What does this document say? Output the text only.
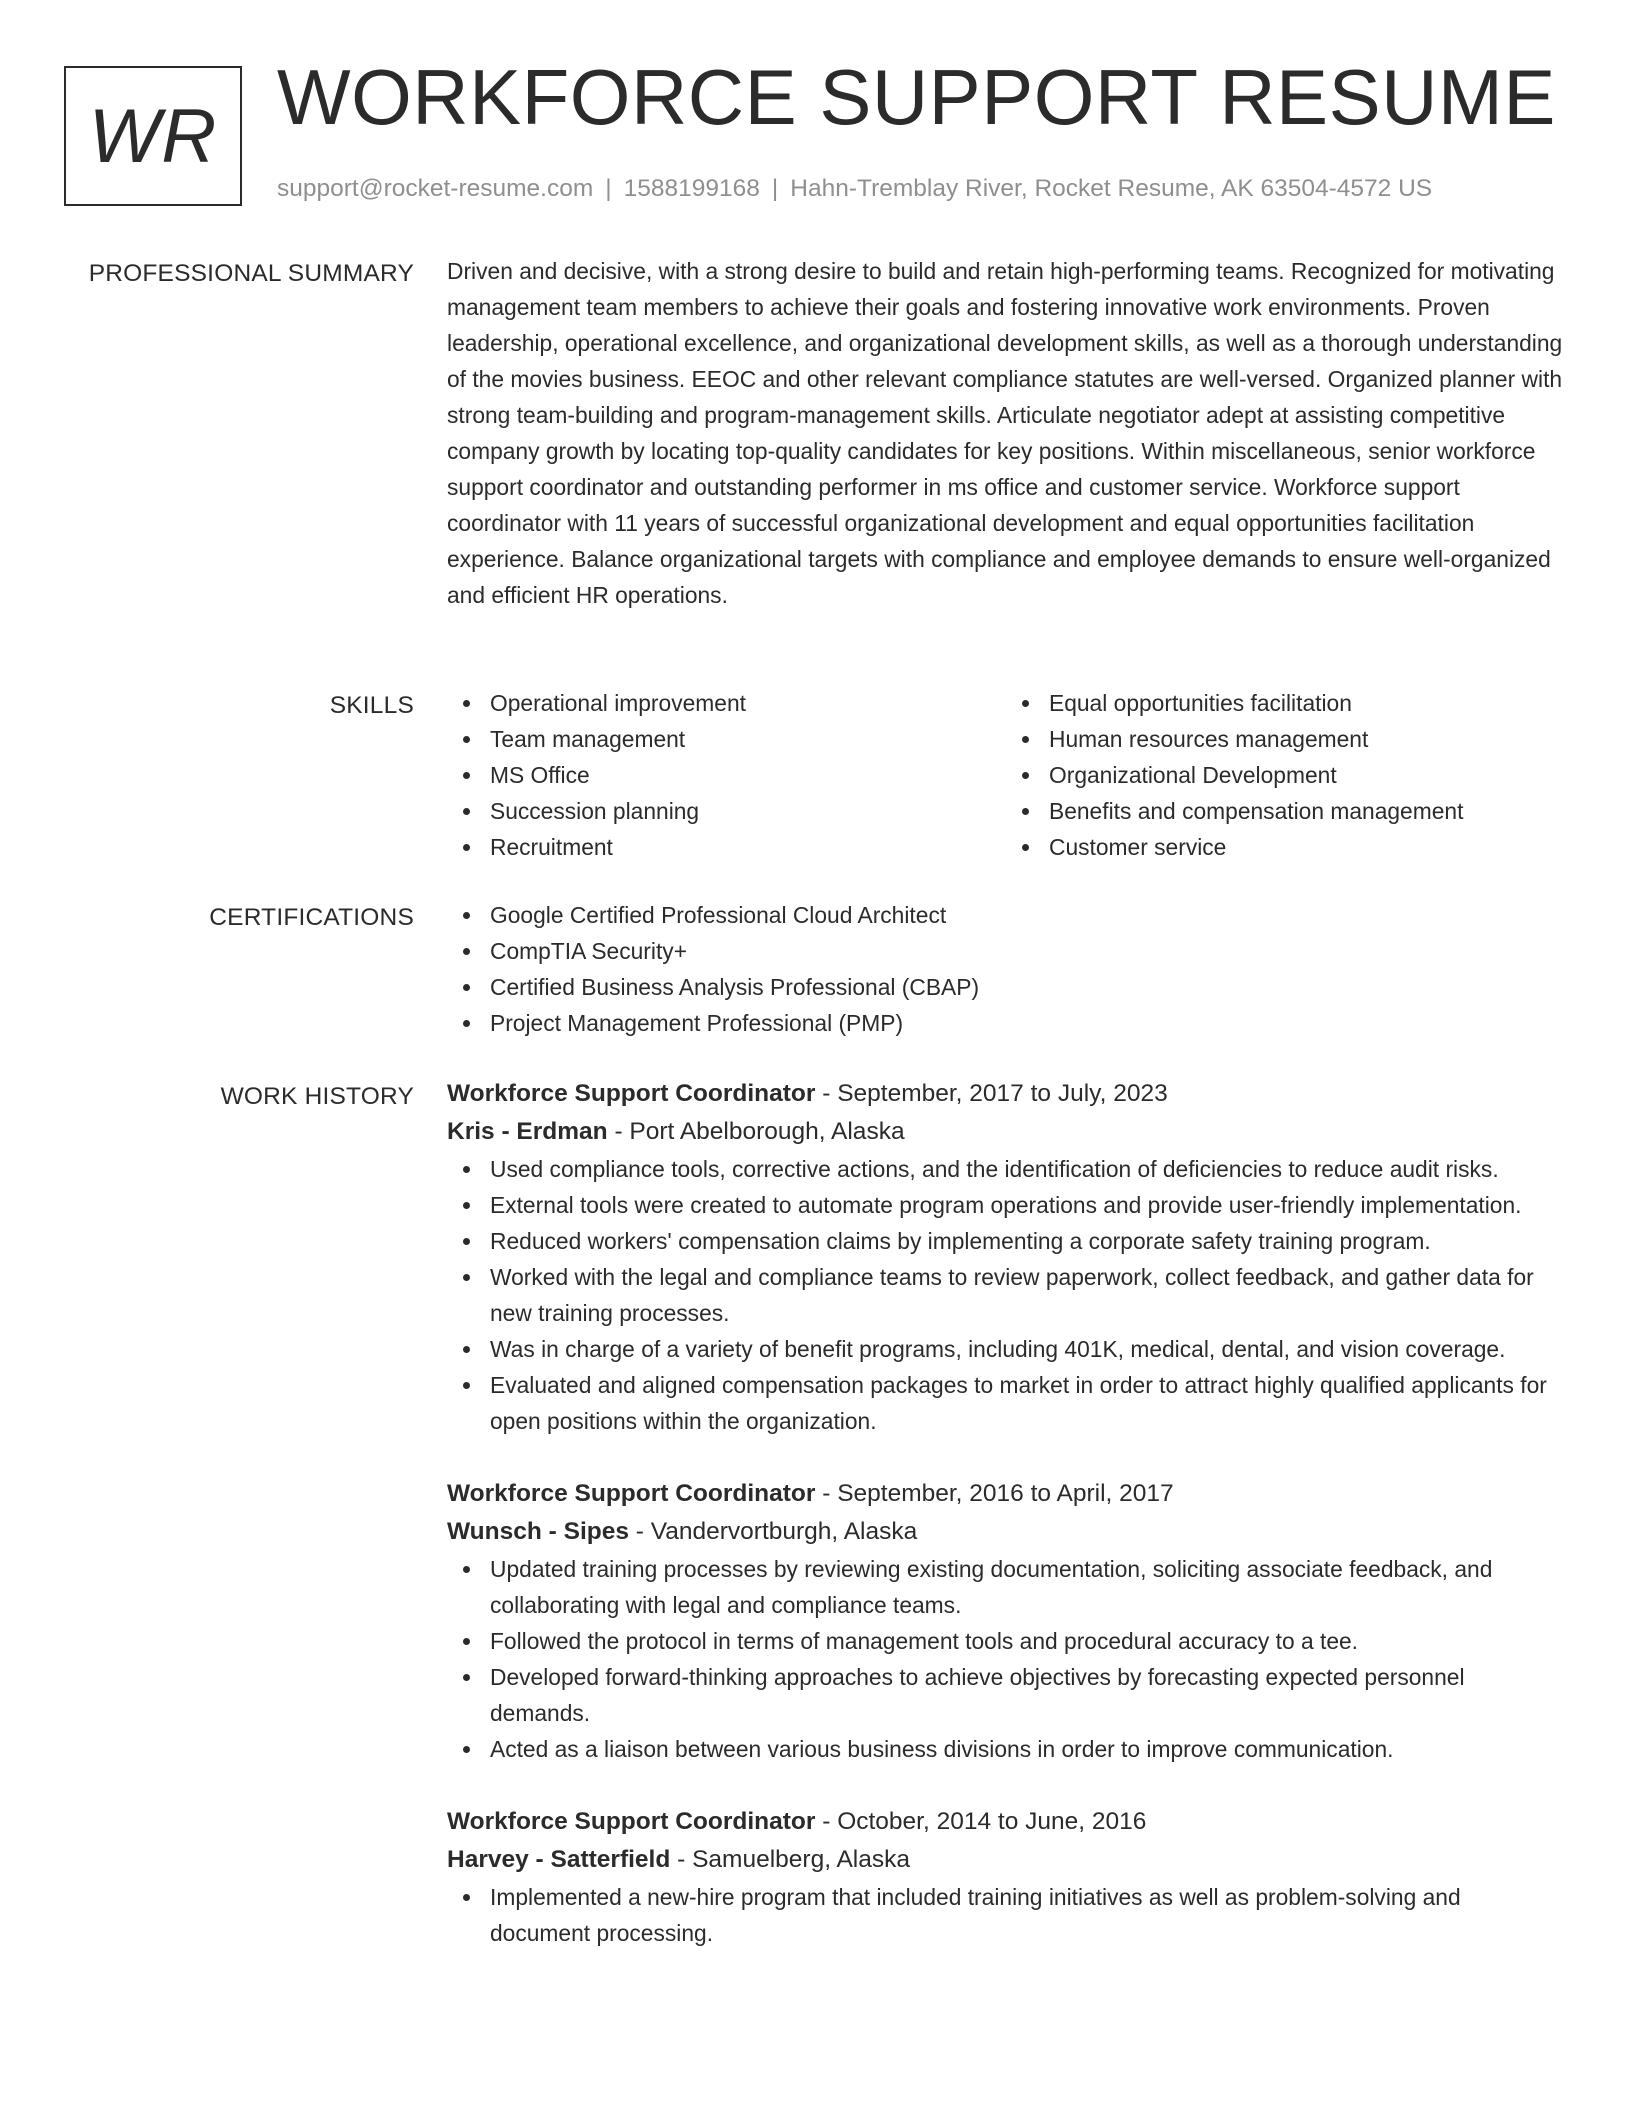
WR WORKFORCE SUPPORT RESUME
support@rocket-resume.com | 1588199168 | Hahn-Tremblay River, Rocket Resume, AK 63504-4572 US
PROFESSIONAL SUMMARY Driven and decisive, with a strong desire to build and retain high-performing teams. Recognized for motivating management team members to achieve their goals and fostering innovative work environments. Proven leadership, operational excellence, and organizational development skills, as well as a thorough understanding of the movies business. EEOC and other relevant compliance statutes are well-versed. Organized planner with strong team-building and program-management skills. Articulate negotiator adept at assisting competitive company growth by locating top-quality candidates for key positions. Within miscellaneous, senior workforce support coordinator and outstanding performer in ms office and customer service. Workforce support coordinator with 11 years of successful organizational development and equal opportunities facilitation experience. Balance organizational targets with compliance and employee demands to ensure well-organized and efficient HR operations.

SKILLS	Operational improvement
Team management
MS Office
Succession planning
Recruitment
Equal opportunities facilitation
Human resources management
Organizational Development
Benefits and compensation management
Customer service
CERTIFICATIONS	Google Certified Professional Cloud Architect
CompTIA Security+
Certified Business Analysis Professional (CBAP)
Project Management Professional (PMP)
WORK HISTORY Workforce Support Coordinator - September, 2017 to July, 2023
Kris - Erdman - Port Abelborough, Alaska
Used compliance tools, corrective actions, and the identification of deficiencies to reduce audit risks.
External tools were created to automate program operations and provide user-friendly implementation.
Reduced workers' compensation claims by implementing a corporate safety training program.
Worked with the legal and compliance teams to review paperwork, collect feedback, and gather data for new training processes.
Was in charge of a variety of benefit programs, including 401K, medical, dental, and vision coverage.
Evaluated and aligned compensation packages to market in order to attract highly qualified applicants for open positions within the organization.
Workforce Support Coordinator - September, 2016 to April, 2017
Wunsch - Sipes - Vandervortburgh, Alaska
Updated training processes by reviewing existing documentation, soliciting associate feedback, and collaborating with legal and compliance teams.
Followed the protocol in terms of management tools and procedural accuracy to a tee.
Developed forward-thinking approaches to achieve objectives by forecasting expected personnel demands.
Acted as a liaison between various business divisions in order to improve communication.
Workforce Support Coordinator - October, 2014 to June, 2016
Harvey - Satterfield - Samuelberg, Alaska
Implemented a new-hire program that included training initiatives as well as problem-solving and document processing.
